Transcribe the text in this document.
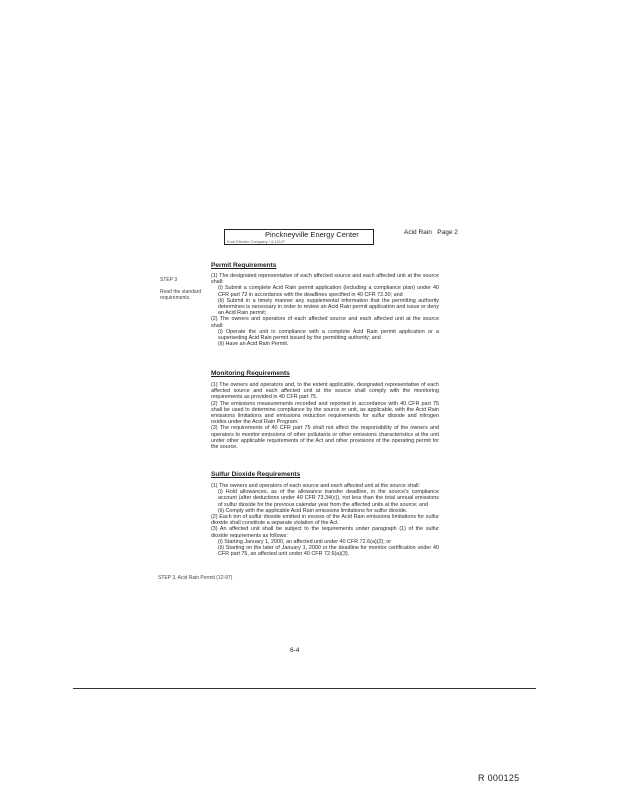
Pinckneyville Energy Center
Kool Electric Company / 4-116-P
Acid Rain Page 2
STEP 3
Read the standard
requirements.
Permit Requirements

(1) The designated representative of each affected source and each affected unit at the source shall:

(i) Submit a complete Acid Rain permit application (including a compliance plan) under 40 CFR part 72 in accordance with the deadlines specified in 40 CFR 72.30; and

(ii) Submit in a timely manner any supplemental information that the permitting authority determines is necessary in order to review an Acid Rain permit application and issue or deny an Acid Rain permit;

(2) The owners and operators of each affected source and each affected unit at the source shall:

(i) Operate the unit in compliance with a complete Acid Rain permit application or a superseding Acid Rain permit issued by the permitting authority; and

(ii) Have an Acid Rain Permit.

Monitoring Requirements

(1) The owners and operators and, to the extent applicable, designated representative of each affected source and each affected unit at the source shall comply with the monitoring requirements as provided in 40 CFR part 75.

(2) The emissions measurements recorded and reported in accordance with 40 CFR part 75 shall be used to determine compliance by the source or unit, as applicable, with the Acid Rain emissions limitations and emissions reduction requirements for sulfur dioxide and nitrogen oxides under the Acid Rain Program.

(3) The requirements of 40 CFR part 75 shall not affect the responsibility of the owners and operators to monitor emissions of other pollutants or other emissions characteristics at the unit under other applicable requirements of the Act and other provisions of the operating permit for the source.

Sulfur Dioxide Requirements

(1) The owners and operators of each source and each affected unit at the source shall:

(i) Hold allowances, as of the allowance transfer deadline, in the source's compliance account (after deductions under 40 CFR 73.34(c)), not less than the total annual emissions of sulfur dioxide for the previous calendar year from the affected units at the source; and

(ii) Comply with the applicable Acid Rain emissions limitations for sulfur dioxide.

(2) Each ton of sulfur dioxide emitted in excess of the Acid Rain emissions limitations for sulfur dioxide shall constitute a separate violation of the Act.

(3) An affected unit shall be subject to the requirements under paragraph (1) of the sulfur dioxide requirements as follows:

(i) Starting January 1, 2000, an affected unit under 40 CFR 72.6(a)(2); or

(ii) Starting on the later of January 1, 2000 or the deadline for monitor certification under 40 CFR part 75, an affected unit under 40 CFR 72.6(a)(3).

STEP 3, Acid Rain Permit (12-97)
6-4
R 000125
